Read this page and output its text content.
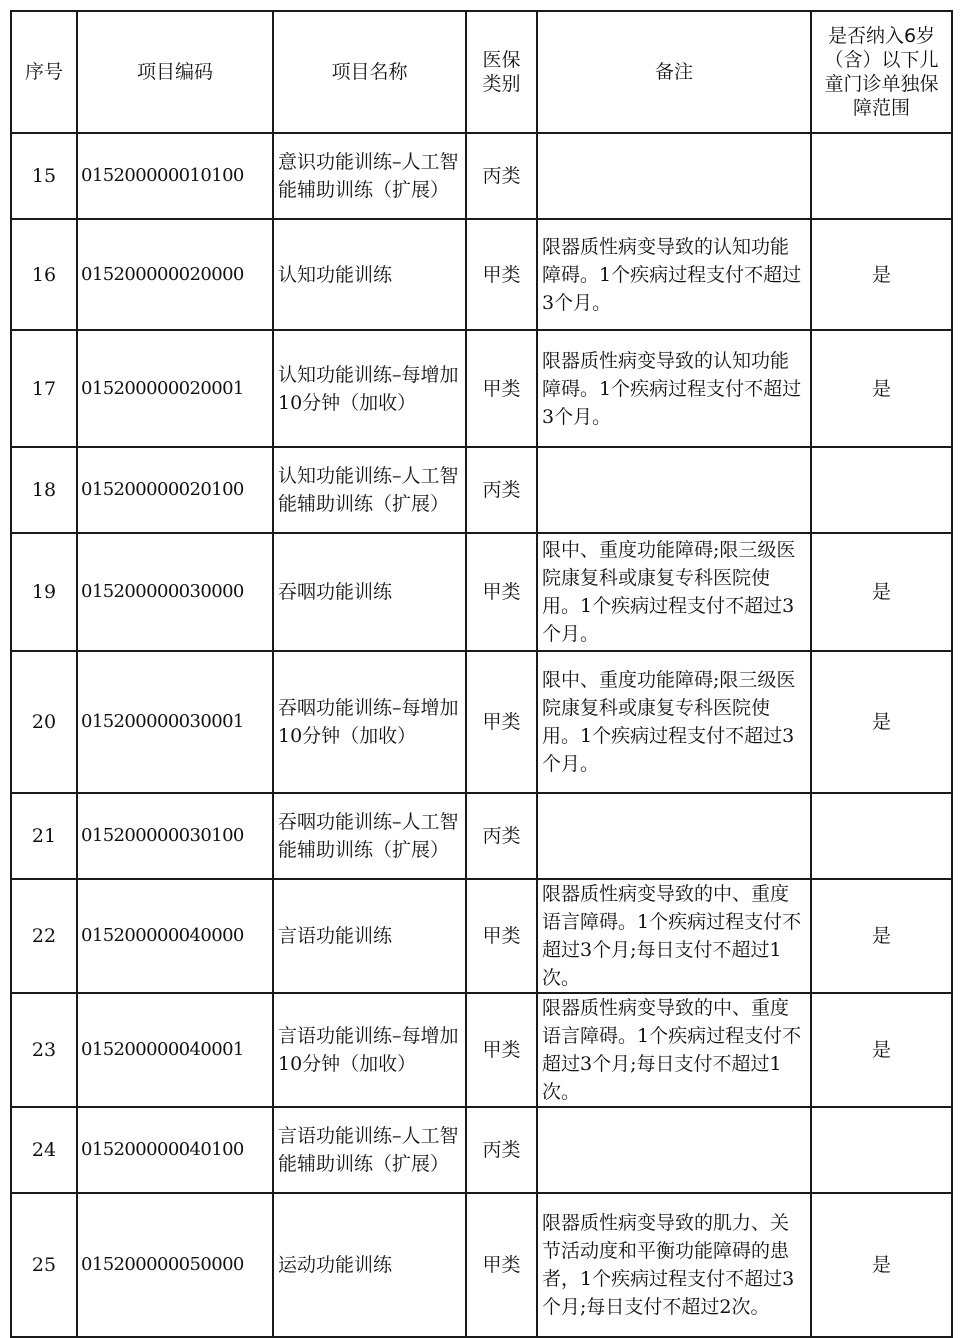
序号	项目编码	项目名称	医保类别	备注	是否纳入6岁（含）以下儿童门诊单独保障范围
15	015200000010100	意识功能训练–人工智能辅助训练（扩展）	丙类		
16	015200000020000	认知功能训练	甲类	限器质性病变导致的认知功能障碍。1个疾病过程支付不超过3个月。	是
17	015200000020001	认知功能训练–每增加10分钟（加收）	甲类	限器质性病变导致的认知功能障碍。1个疾病过程支付不超过3个月。	是
18	015200000020100	认知功能训练–人工智能辅助训练（扩展）	丙类		
19	015200000030000	吞咽功能训练	甲类	限中、重度功能障碍;限三级医院康复科或康复专科医院使用。1个疾病过程支付不超过3个月。	是
20	015200000030001	吞咽功能训练–每增加10分钟（加收）	甲类	限中、重度功能障碍;限三级医院康复科或康复专科医院使用。1个疾病过程支付不超过3个月。	是
21	015200000030100	吞咽功能训练–人工智能辅助训练（扩展）	丙类		
22	015200000040000	言语功能训练	甲类	限器质性病变导致的中、重度语言障碍。1个疾病过程支付不超过3个月;每日支付不超过1次。	是
23	015200000040001	言语功能训练–每增加10分钟（加收）	甲类	限器质性病变导致的中、重度语言障碍。1个疾病过程支付不超过3个月;每日支付不超过1次。	是
24	015200000040100	言语功能训练–人工智能辅助训练（扩展）	丙类		
25	015200000050000	运动功能训练	甲类	限器质性病变导致的肌力、关节活动度和平衡功能障碍的患者，1个疾病过程支付不超过3个月;每日支付不超过2次。	是
